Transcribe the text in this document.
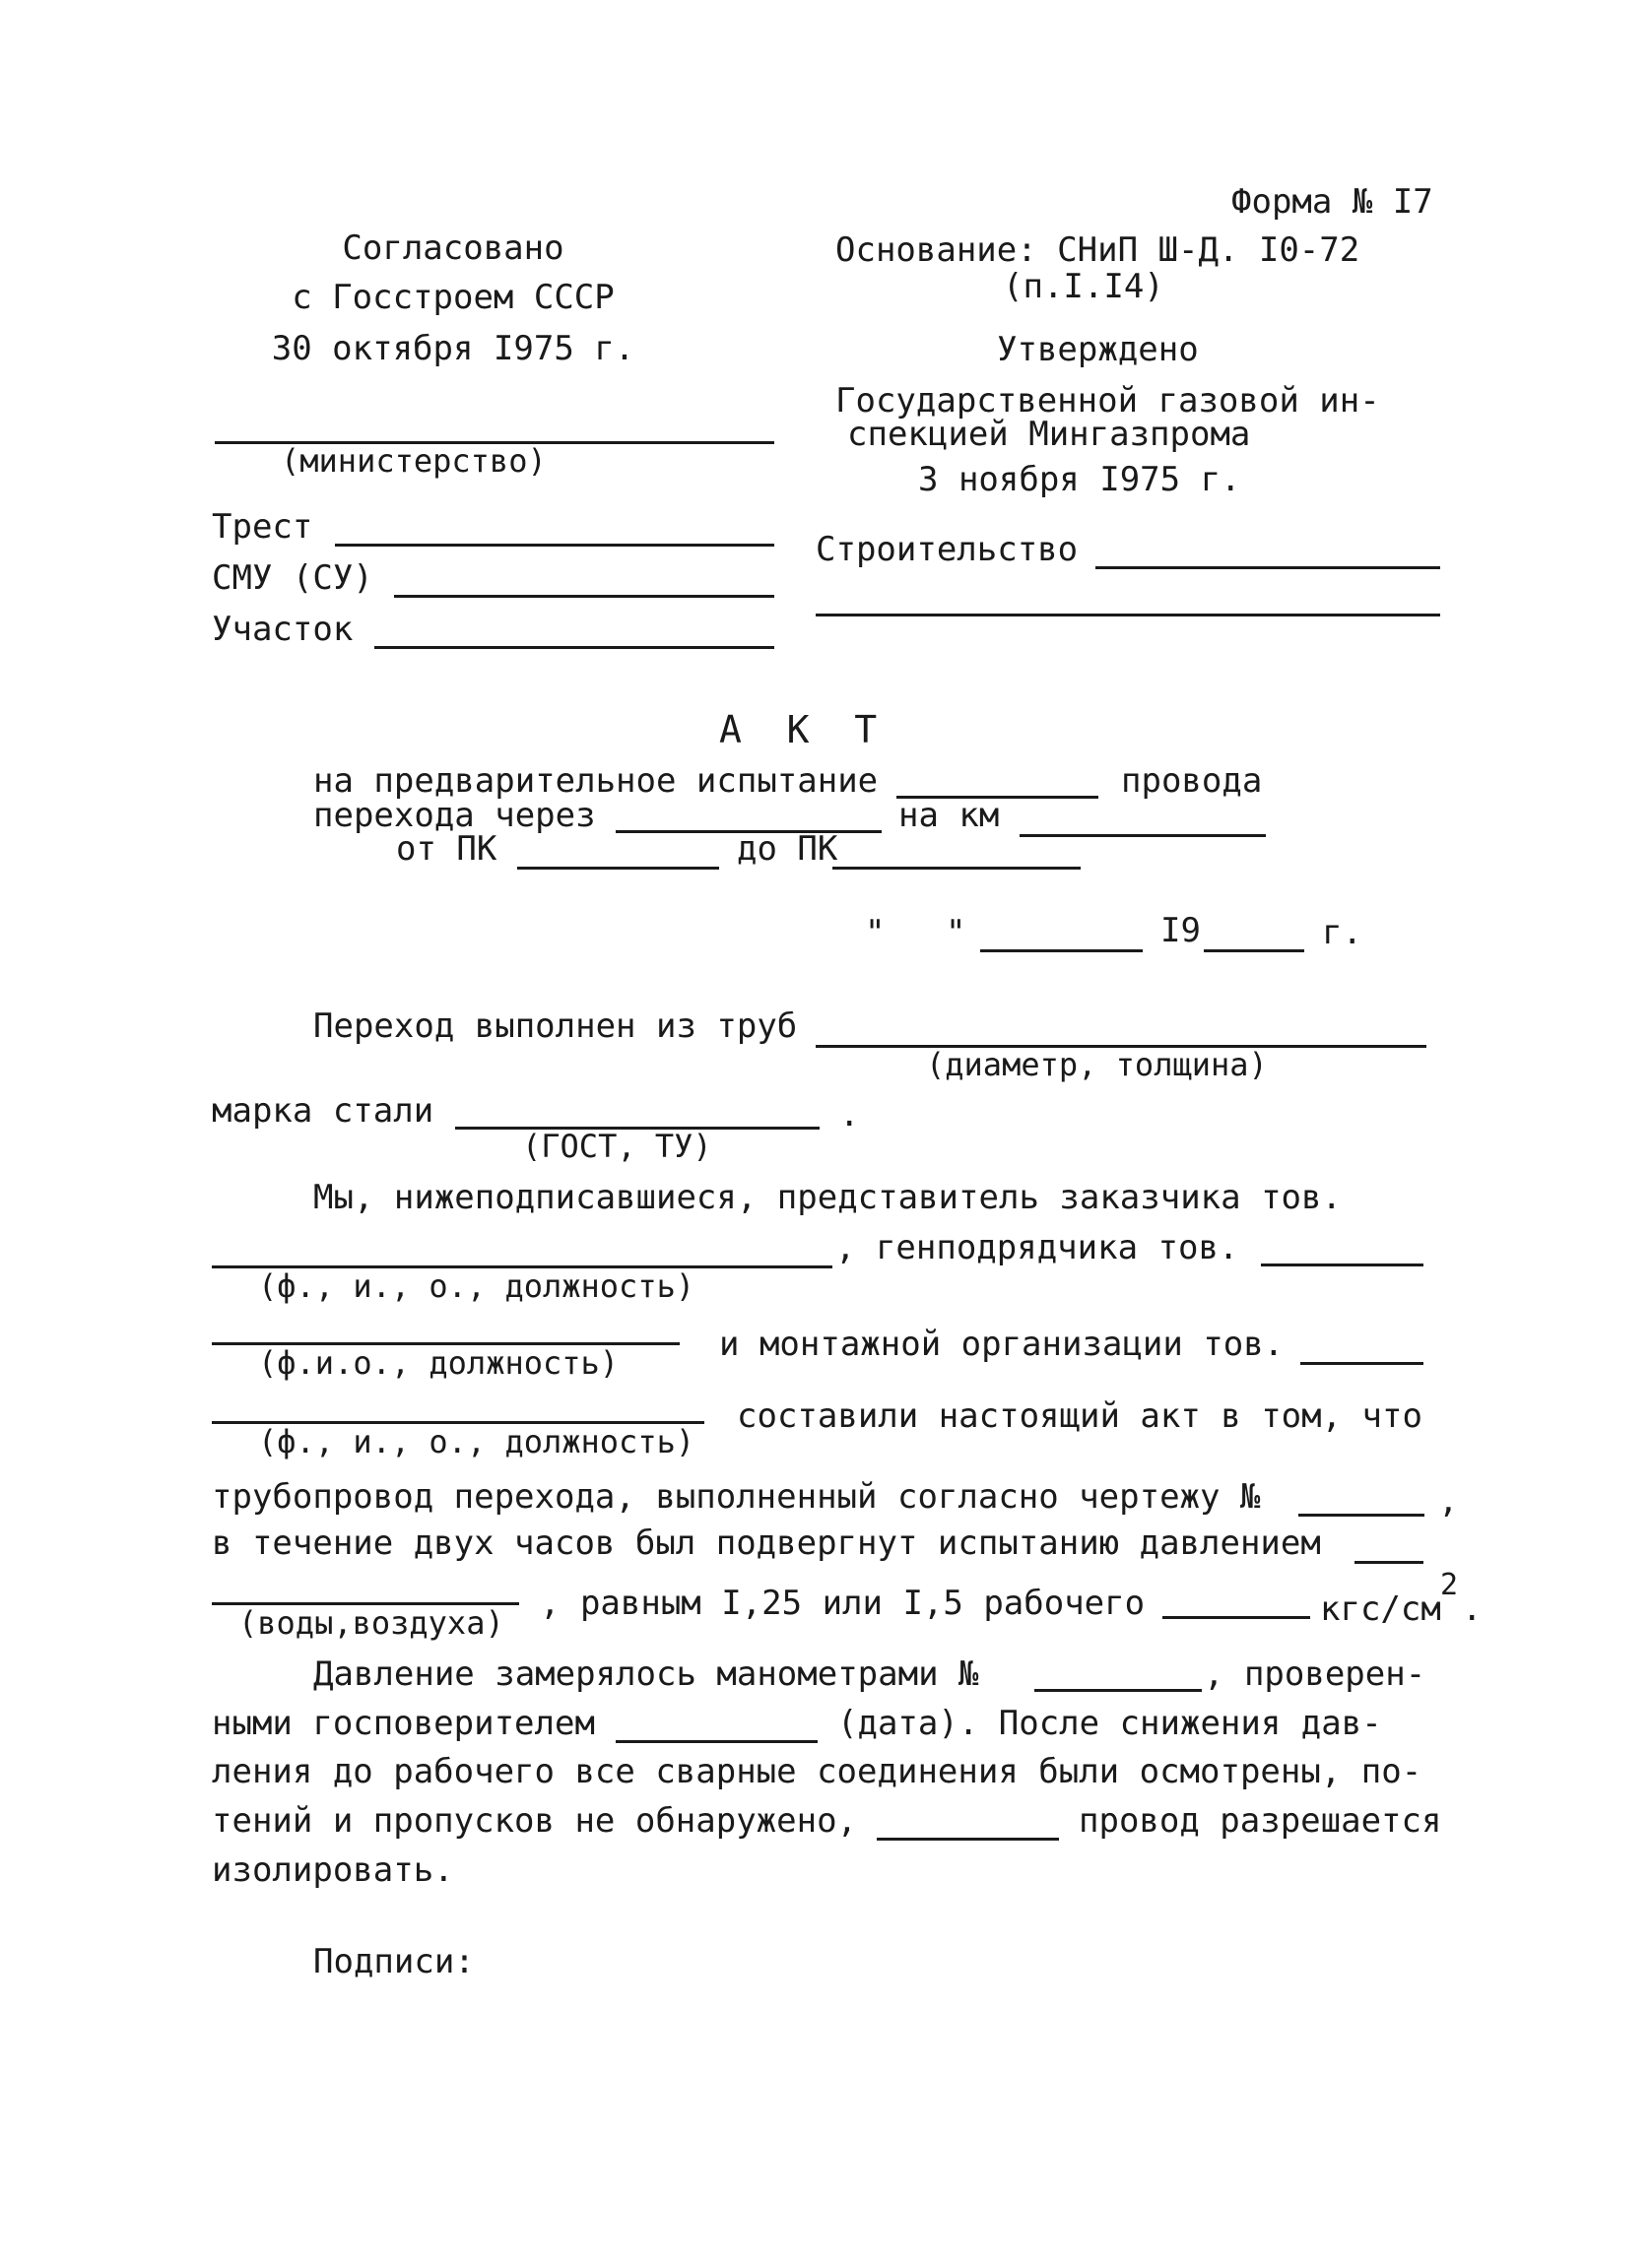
Форма № I7
Согласовано
с Госстроем СССР
30 октября I975 г.
Основание: СНиП Ш-Д. I0-72
(п.I.I4)
Утверждено
Государственной газовой ин-
спекцией Мингазпрома
3 ноября I975 г.
(министерство)
Трест
СМУ (СУ)
Участок
Строительство
А  К  Т
на предварительное испытание	провода
перехода через	на км
от ПК	до ПК
" "	I9	г.
Переход выполнен из труб
(диаметр, толщина)
марка стали
(ГОСТ, ТУ)
.
Мы, нижеподписавшиеся, представитель заказчика тов.
, генподрядчика тов.
(ф., и., о., должность)
(ф.и.о., должность)	и монтажной организации тов.
(ф., и., о., должность)
составили настоящий акт в том, что
трубопровод перехода, выполненный согласно чертежу №	,
в течение двух часов был подвергнут испытанию давлением
(воды,воздуха) , равным I,25 или I,5 рабочего	кгс/см
2
.
Давление замерялось манометрами №	, проверен-
ными госповерителем	(дата). После снижения дав-
ления до рабочего все сварные соединения были осмотрены, по-
тений и пропусков не обнаружено,	провод разрешается
изолировать.
Подписи:
